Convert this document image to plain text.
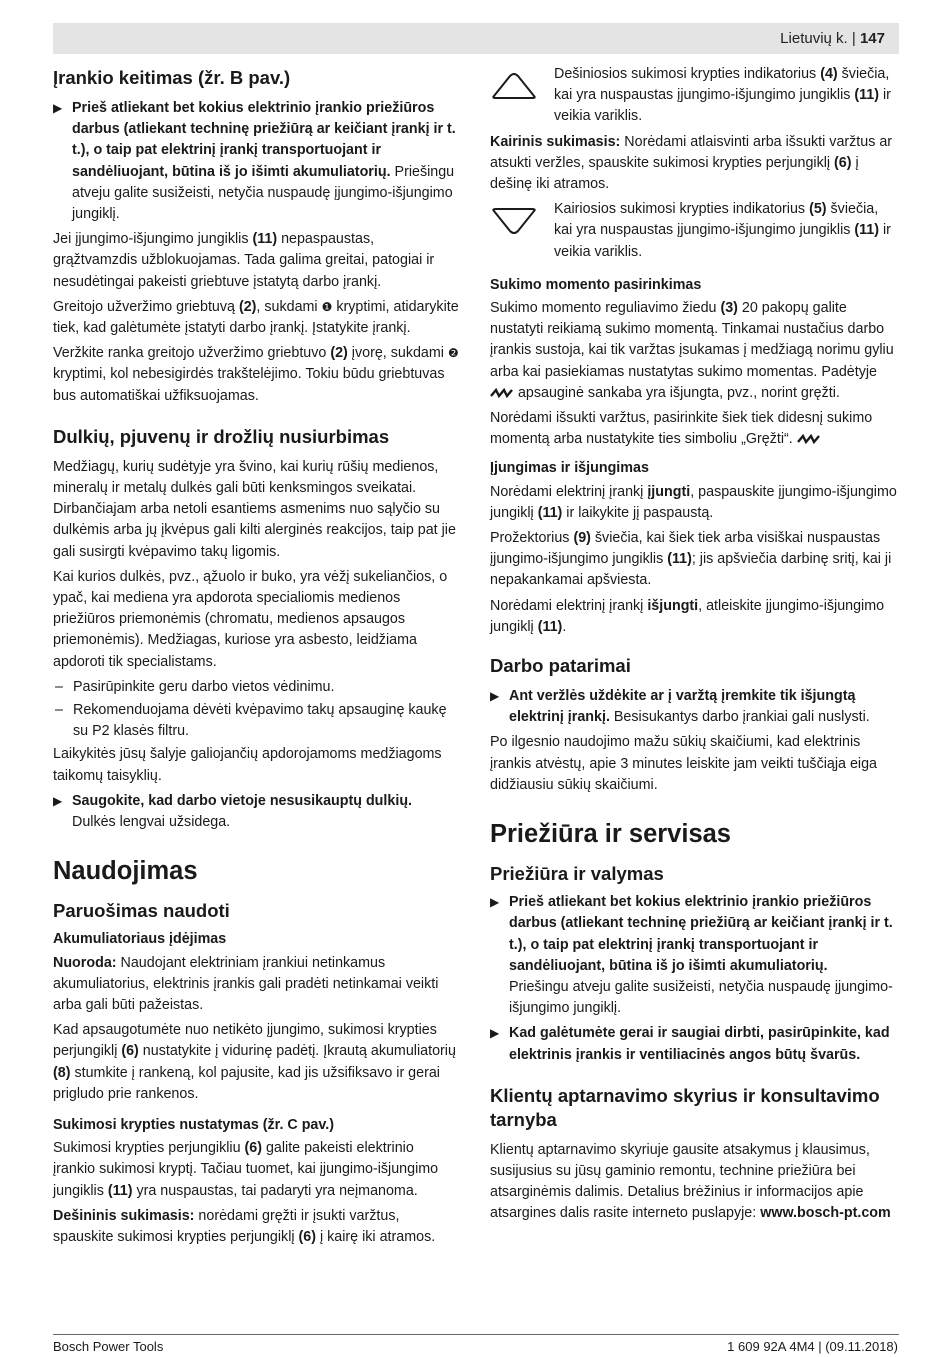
Lietuvių k. | 147
Įrankio keitimas (žr. B pav.)
▶ Prieš atliekant bet kokius elektrinio įrankio priežiūros darbus (atliekant techninę priežiūrą ar keičiant įrankį ir t. t.), o taip pat elektrinį įrankį transportuojant ir sandėliuojant, būtina iš jo išimti akumuliatorių. Priešingu atveju galite susižeisti, netyčia nuspaudę įjungimo-išjungimo jungiklį.

Jei įjungimo-išjungimo jungiklis (11) nepaspaustas, grąžtvamzdis užblokuojamas. Tada galima greitai, patogiai ir nesudėtingai pakeisti griebtuve įstatytą darbo įrankį.

Greitojo užveržimo griebtuvą (2), sukdami ❶ kryptimi, atidarykite tiek, kad galėtumėte įstatyti darbo įrankį. Įstatykite įrankį.

Veržkite ranka greitojo užveržimo griebtuvo (2) įvorę, sukdami ❷ kryptimi, kol nebesigirdės trakštelėjimo. Tokiu būdu griebtuvas bus automatiškai užfiksuojamas.

Dulkių, pjuvenų ir drožlių nusiurbimas

Medžiagų, kurių sudėtyje yra švino, kai kurių rūšių medienos, mineralų ir metalų dulkės gali būti kenksmingos sveikatai. Dirbančiajam arba netoli esantiems asmenims nuo sąlyčio su dulkėmis arba jų įkvėpus gali kilti alerginės reakcijos, taip pat jie gali susirgti kvėpavimo takų ligomis.

Kai kurios dulkės, pvz., ąžuolo ir buko, yra vėžį sukeliančios, o ypač, kai mediena yra apdorota specialiomis medienos priežiūros priemonėmis (chromatu, medienos apsaugos priemonėmis). Medžiagas, kuriose yra asbesto, leidžiama apdoroti tik specialistams.

– Pasirūpinkite geru darbo vietos vėdinimu.
– Rekomenduojama dėvėti kvėpavimo takų apsauginę kaukę su P2 klasės filtru.

Laikykitės jūsų šalyje galiojančių apdorojamoms medžiagoms taikomų taisyklių.

▶ Saugokite, kad darbo vietoje nesusikauptų dulkių. Dulkės lengvai užsidega.
Naudojimas
Paruošimas naudoti
Akumuliatoriaus įdėjimas

Nuoroda: Naudojant elektriniam įrankiui netinkamus akumuliatorius, elektrinis įrankis gali pradėti netinkamai veikti arba gali būti pažeistas.

Kad apsaugotumėte nuo netikėto įjungimo, sukimosi krypties perjungiklį (6) nustatykite į vidurinę padėtį. Įkrautą akumuliatorių (8) stumkite į rankeną, kol pajusite, kad jis užsifiksavo ir gerai prigludo prie rankenos.

Sukimosi krypties nustatymas (žr. C pav.)

Sukimosi krypties perjungikliu (6) galite pakeisti elektrinio įrankio sukimosi kryptį. Tačiau tuomet, kai įjungimo-išjungimo jungiklis (11) yra nuspaustas, tai padaryti yra neįmanoma.

Dešininis sukimasis: norėdami gręžti ir įsukti varžtus, spauskite sukimosi krypties perjungiklį (6) į kairę iki atramos.

Dešiniosios sukimosi krypties indikatorius (4) šviečia, kai yra nuspaustas įjungimo-išjungimo jungiklis (11) ir veikia variklis.

Kairinis sukimasis: Norėdami atlaisvinti arba išsukti varžtus ar atsukti veržles, spauskite sukimosi krypties perjungiklį (6) į dešinę iki atramos.

Kairiosios sukimosi krypties indikatorius (5) šviečia, kai yra nuspaustas įjungimo-išjungimo jungiklis (11) ir veikia variklis.
Sukimo momento pasirinkimas

Sukimo momento reguliavimo žiedu (3) 20 pakopų galite nustatyti reikiamą sukimo momentą. Tinkamai nustačius darbo įrankis sustoja, kai tik varžtas įsukamas į medžiagą norimu gyliu arba kai pasiekiamas nustatytas sukimo momentas. Padėtyje  apsauginė sankaba yra išjungta, pvz., norint gręžti.

Norėdami išsukti varžtus, pasirinkite šiek tiek didesnį sukimo momentą arba nustatykite ties simboliu „Gręžti“.

Įjungimas ir išjungimas

Norėdami elektrinį įrankį įjungti, paspauskite įjungimo-išjungimo jungiklį (11) ir laikykite jį paspaustą.

Prožektorius (9) šviečia, kai šiek tiek arba visiškai nuspaustas įjungimo-išjungimo jungiklis (11); jis apšviečia darbinę sritį, kai ji nepakankamai apšviesta.

Norėdami elektrinį įrankį išjungti, atleiskite įjungimo-išjungimo jungiklį (11).

Darbo patarimai
▶ Ant veržlės uždėkite ar į varžtą įremkite tik išjungtą elektrinį įrankį. Besisukantys darbo įrankiai gali nuslysti.

Po ilgesnio naudojimo mažu sūkių skaičiumi, kad elektrinis įrankis atvėstų, apie 3 minutes leiskite jam veikti tuščiąja eiga didžiausiu sūkių skaičiumi.

Priežiūra ir servisas
Priežiūra ir valymas
▶ Prieš atliekant bet kokius elektrinio įrankio priežiūros darbus (atliekant techninę priežiūrą ar keičiant įrankį ir t. t.), o taip pat elektrinį įrankį transportuojant ir sandėliuojant, būtina iš jo išimti akumuliatorių.
Priešingu atveju galite susižeisti, netyčia nuspaudę įjungimo-išjungimo jungiklį.
▶ Kad galėtumėte gerai ir saugiai dirbti, pasirūpinkite, kad elektrinis įrankis ir ventiliacinės angos būtų švarūs.
Klientų aptarnavimo skyrius ir konsultavimo tarnyba

Klientų aptarnavimo skyriuje gausite atsakymus į klausimus, susijusius su jūsų gaminio remontu, technine priežiūra bei atsarginėmis dalimis. Detalius brėžinius ir informacijos apie atsargines dalis rasite interneto puslapyje: www.bosch-pt.com

Bosch Power Tools	1 609 92A 4M4 | (09.11.2018)
